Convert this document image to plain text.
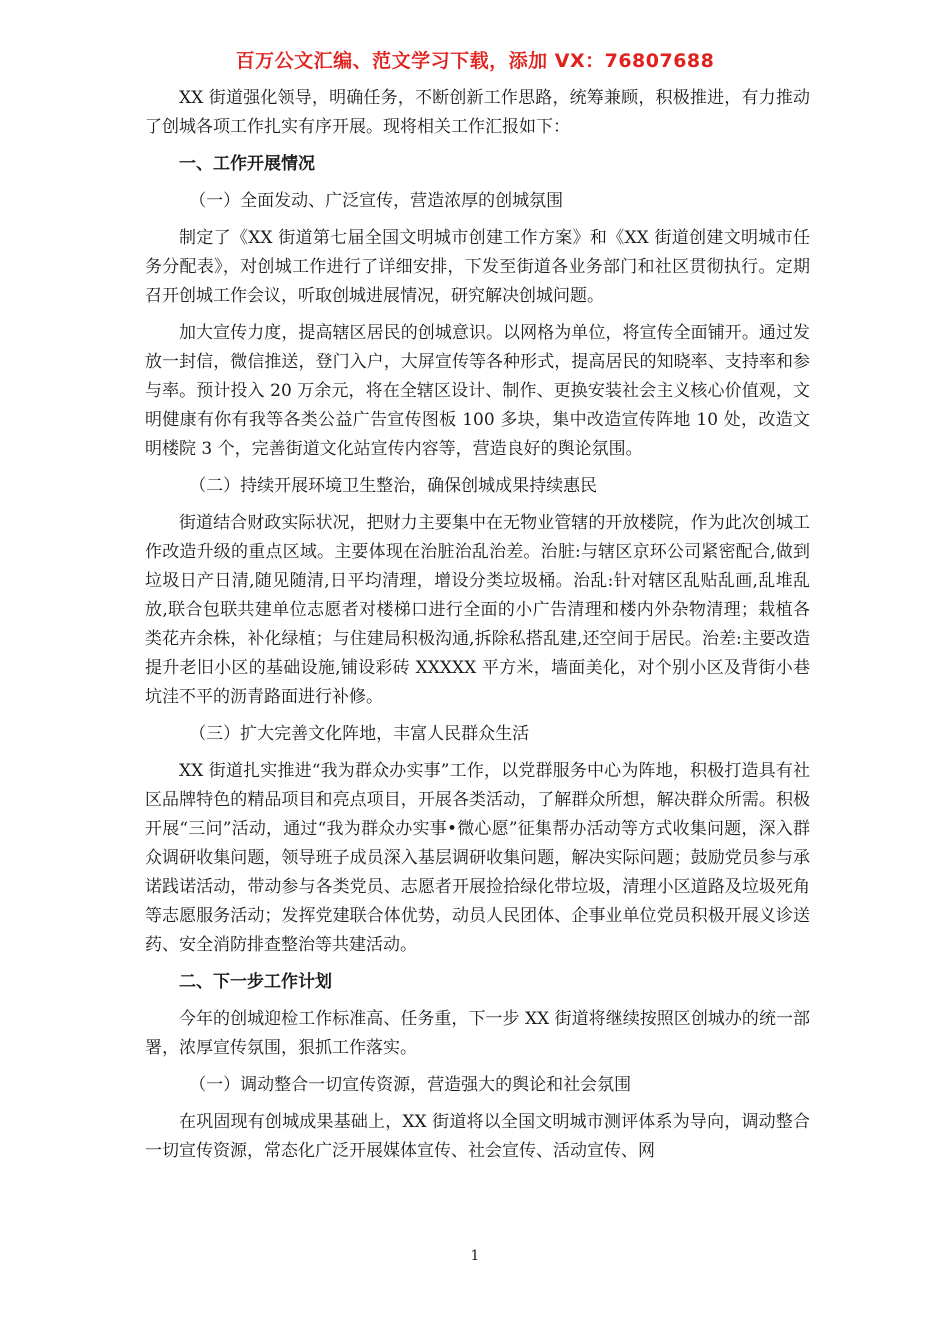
百万公文汇编、范文学习下载，添加 VX：76807688

XX 街道强化领导，明确任务，不断创新工作思路，统筹兼顾，积极推进，有力推动了创城各项工作扎实有序开展。现将相关工作汇报如下：

一、工作开展情况

（一）全面发动、广泛宣传，营造浓厚的创城氛围

制定了《XX 街道第七届全国文明城市创建工作方案》和《XX 街道创建文明城市任务分配表》，对创城工作进行了详细安排，下发至街道各业务部门和社区贯彻执行。定期召开创城工作会议，听取创城进展情况，研究解决创城问题。

加大宣传力度，提高辖区居民的创城意识。以网格为单位，将宣传全面铺开。通过发放一封信，微信推送，登门入户，大屏宣传等各种形式，提高居民的知晓率、支持率和参与率。预计投入 20 万余元，将在全辖区设计、制作、更换安装社会主义核心价值观，文明健康有你有我等各类公益广告宣传图板 100 多块，集中改造宣传阵地 10 处，改造文明楼院 3 个，完善街道文化站宣传内容等，营造良好的舆论氛围。

（二）持续开展环境卫生整治，确保创城成果持续惠民

街道结合财政实际状况，把财力主要集中在无物业管辖的开放楼院，作为此次创城工作改造升级的重点区域。主要体现在治脏治乱治差。治脏:与辖区京环公司紧密配合,做到垃圾日产日清,随见随清,日平均清理，增设分类垃圾桶。治乱:针对辖区乱贴乱画,乱堆乱放,联合包联共建单位志愿者对楼梯口进行全面的小广告清理和楼内外杂物清理；栽植各类花卉余株，补化绿植；与住建局积极沟通,拆除私搭乱建,还空间于居民。治差:主要改造提升老旧小区的基础设施,铺设彩砖 XXXXX 平方米，墙面美化，对个别小区及背街小巷坑洼不平的沥青路面进行补修。

（三）扩大完善文化阵地，丰富人民群众生活

XX 街道扎实推进“我为群众办实事”工作，以党群服务中心为阵地，积极打造具有社区品牌特色的精品项目和亮点项目，开展各类活动，了解群众所想，解决群众所需。积极开展“三问”活动，通过“我为群众办实事•微心愿”征集帮办活动等方式收集问题，深入群众调研收集问题，领导班子成员深入基层调研收集问题，解决实际问题；鼓励党员参与承诺践诺活动，带动参与各类党员、志愿者开展捡拾绿化带垃圾，清理小区道路及垃圾死角等志愿服务活动；发挥党建联合体优势，动员人民团体、企事业单位党员积极开展义诊送药、安全消防排查整治等共建活动。

二、下一步工作计划

今年的创城迎检工作标准高、任务重，下一步 XX 街道将继续按照区创城办的统一部署，浓厚宣传氛围，狠抓工作落实。

（一）调动整合一切宣传资源，营造强大的舆论和社会氛围

在巩固现有创城成果基础上，XX 街道将以全国文明城市测评体系为导向，调动整合一切宣传资源，常态化广泛开展媒体宣传、社会宣传、活动宣传、网

1
